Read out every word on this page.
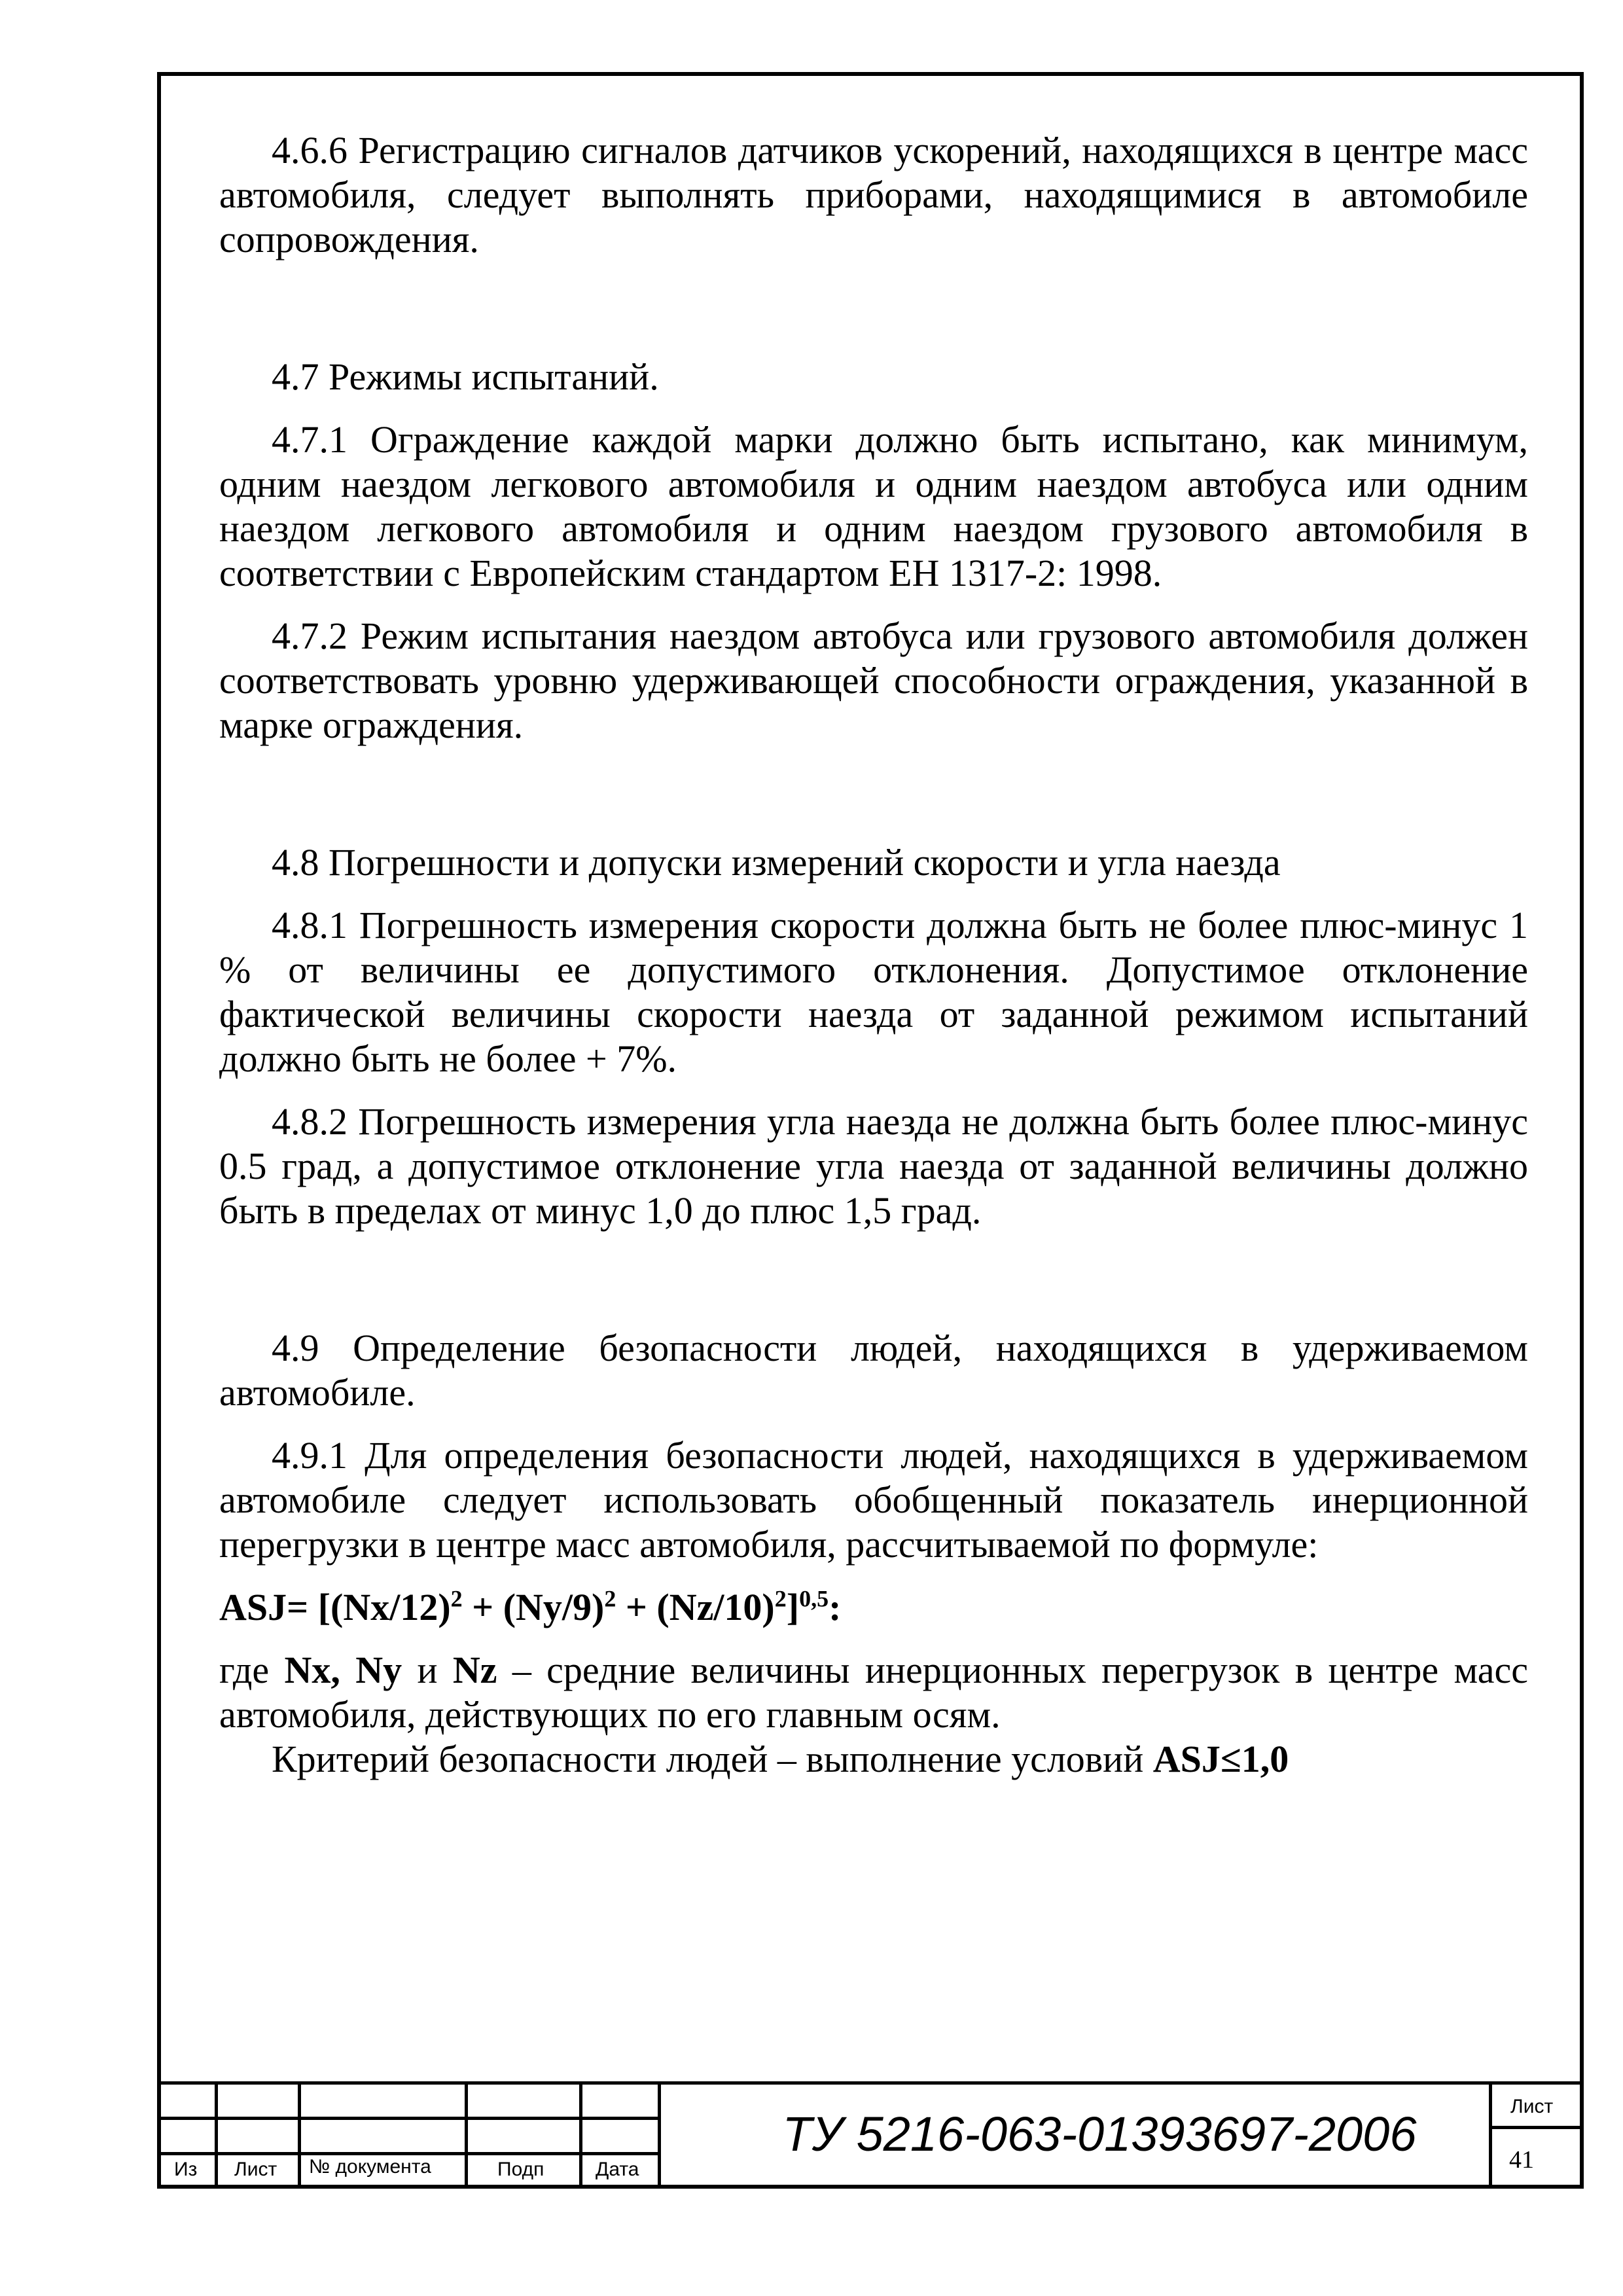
4.6.6 Регистрацию сигналов датчиков ускорений, находящихся в центре масс автомобиля, следует выполнять приборами, находящимися в автомобиле сопровождения.

4.7 Режимы испытаний.

4.7.1 Ограждение каждой марки должно быть испытано, как минимум, одним наездом легкового автомобиля и одним наездом автобуса или одним наездом легкового автомобиля и одним наездом грузового автомобиля в соответствии с Европейским стандартом ЕН 1317-2: 1998.

4.7.2 Режим испытания наездом автобуса или грузового автомобиля должен соответствовать уровню удерживающей способности ограждения, указанной в марке ограждения.

4.8 Погрешности и допуски измерений скорости и угла наезда

4.8.1 Погрешность измерения скорости должна быть не более плюс-минус 1 % от величины ее допустимого отклонения. Допустимое отклонение фактической величины скорости наезда от заданной режимом испытаний должно быть не более + 7%.

4.8.2 Погрешность измерения угла наезда не должна быть более плюс-минус 0.5 град, а допустимое отклонение угла наезда от заданной величины должно быть в пределах от минус 1,0 до плюс 1,5 град.

4.9 Определение безопасности людей, находящихся в удерживаемом автомобиле.

4.9.1 Для определения безопасности людей, находящихся в удерживаемом автомобиле следует использовать обобщенный показатель инерционной перегрузки в центре масс автомобиля, рассчитываемой по формуле:

$ASJ= [(Nx/12)^2 + (Ny/9)^2 + (Nz/10)^2]^{0,5}$:

где Nx, Ny и Nz – средние величины инерционных перегрузок в центре масс автомобиля, действующих по его главным осям.

Критерий безопасности людей – выполнение условий ASJ≤1,0

Из Лист № документа	Подп	Дата
ТУ 5216-063-01393697-2006
Лист
41
